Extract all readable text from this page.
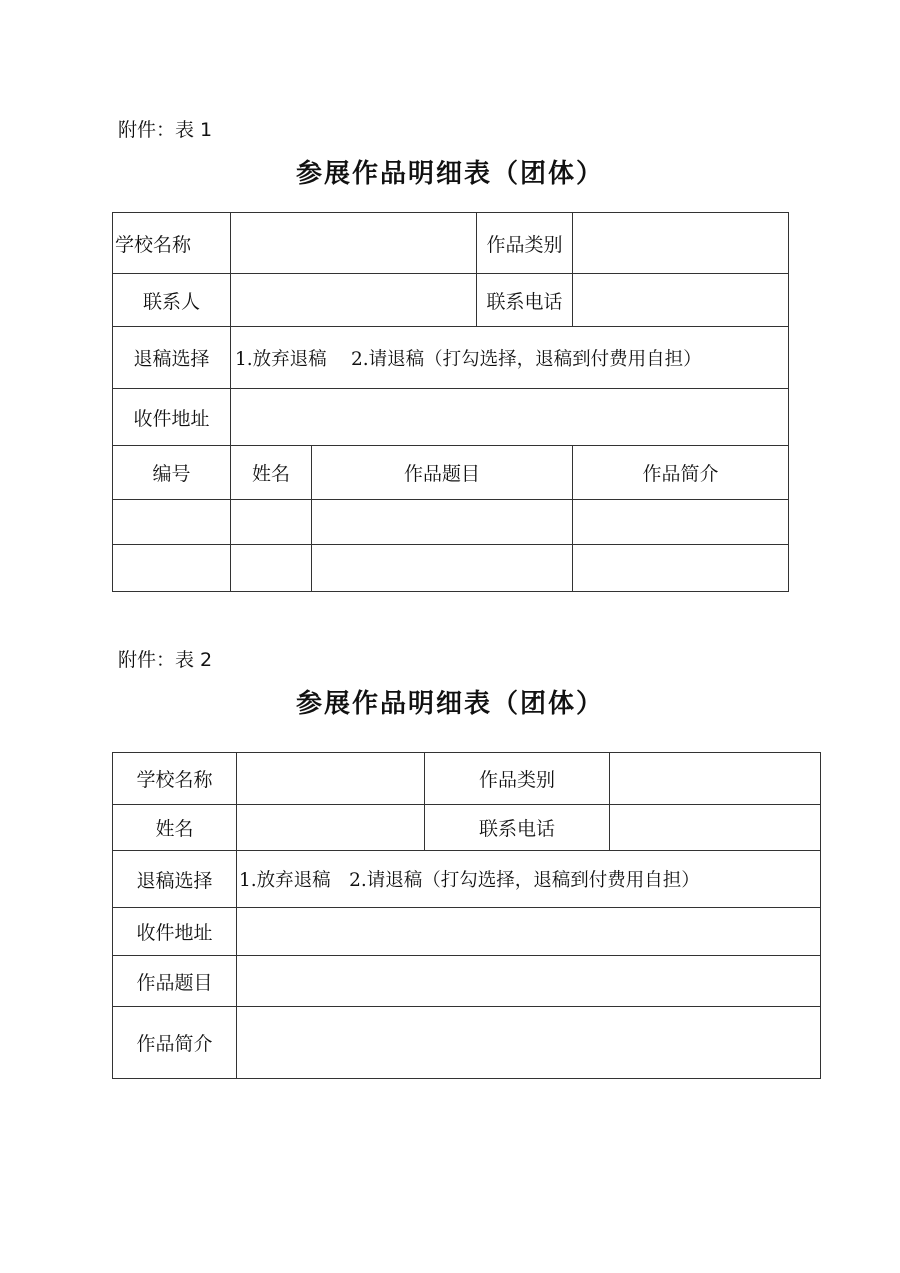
附件：表 1
参展作品明细表（团体）
学校名称			作品类别	
联系人			联系电话	
退稿选择	1.放弃退稿　 2.请退稿（打勾选择，退稿到付费用自担）			
收件地址				
编号	姓名	作品题目		作品简介

附件：表 2
参展作品明细表（团体）
学校名称		作品类别	
姓名		联系电话	
退稿选择	1.放弃退稿　2.请退稿（打勾选择，退稿到付费用自担）		
收件地址			
作品题目			
作品简介			
